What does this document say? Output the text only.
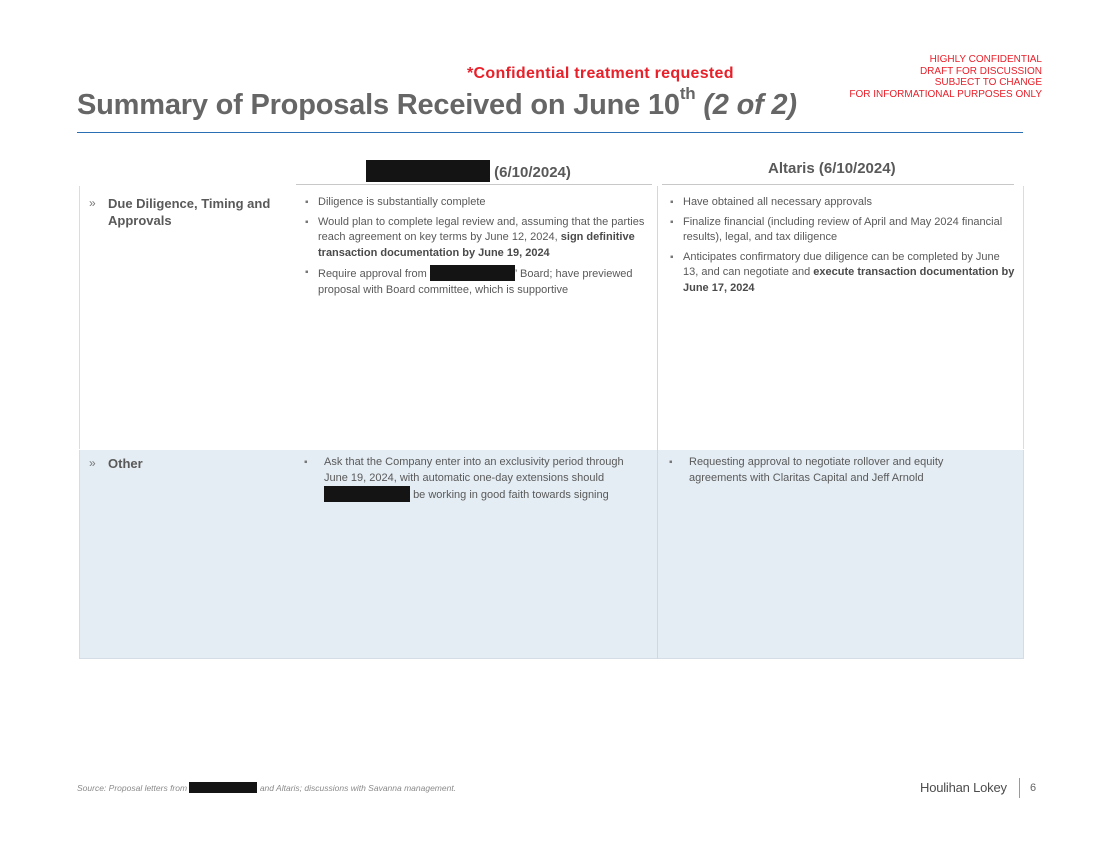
*Confidential treatment requested
HIGHLY CONFIDENTIAL
DRAFT FOR DISCUSSION
SUBJECT TO CHANGE
FOR INFORMATIONAL PURPOSES ONLY
Summary of Proposals Received on June 10th (2 of 2)
(6/10/2024)	Altaris (6/10/2024)
» Due Diligence, Timing and Approvals
▪ Diligence is substantially complete
▪ Would plan to complete legal review and, assuming that the parties reach agreement on key terms by June 12, 2024, sign definitive transaction documentation by June 19, 2024
▪ Require approval from	’ Board; have previewed proposal with Board committee, which is supportive
▪ Have obtained all necessary approvals
▪ Finalize financial (including review of April and May 2024 financial results), legal, and tax diligence
▪ Anticipates confirmatory due diligence can be completed by June 13, and can negotiate and execute transaction documentation by June 17, 2024
» Other
▪	Ask that the Company enter into an exclusivity period through June 19, 2024, with automatic one-day extensions should  be working in good faith towards signing
▪ Requesting approval to negotiate rollover and equity agreements with Claritas Capital and Jeff Arnold
Source: Proposal letters from	and Altaris; discussions with Savanna management.	Houlihan Lokey 6
